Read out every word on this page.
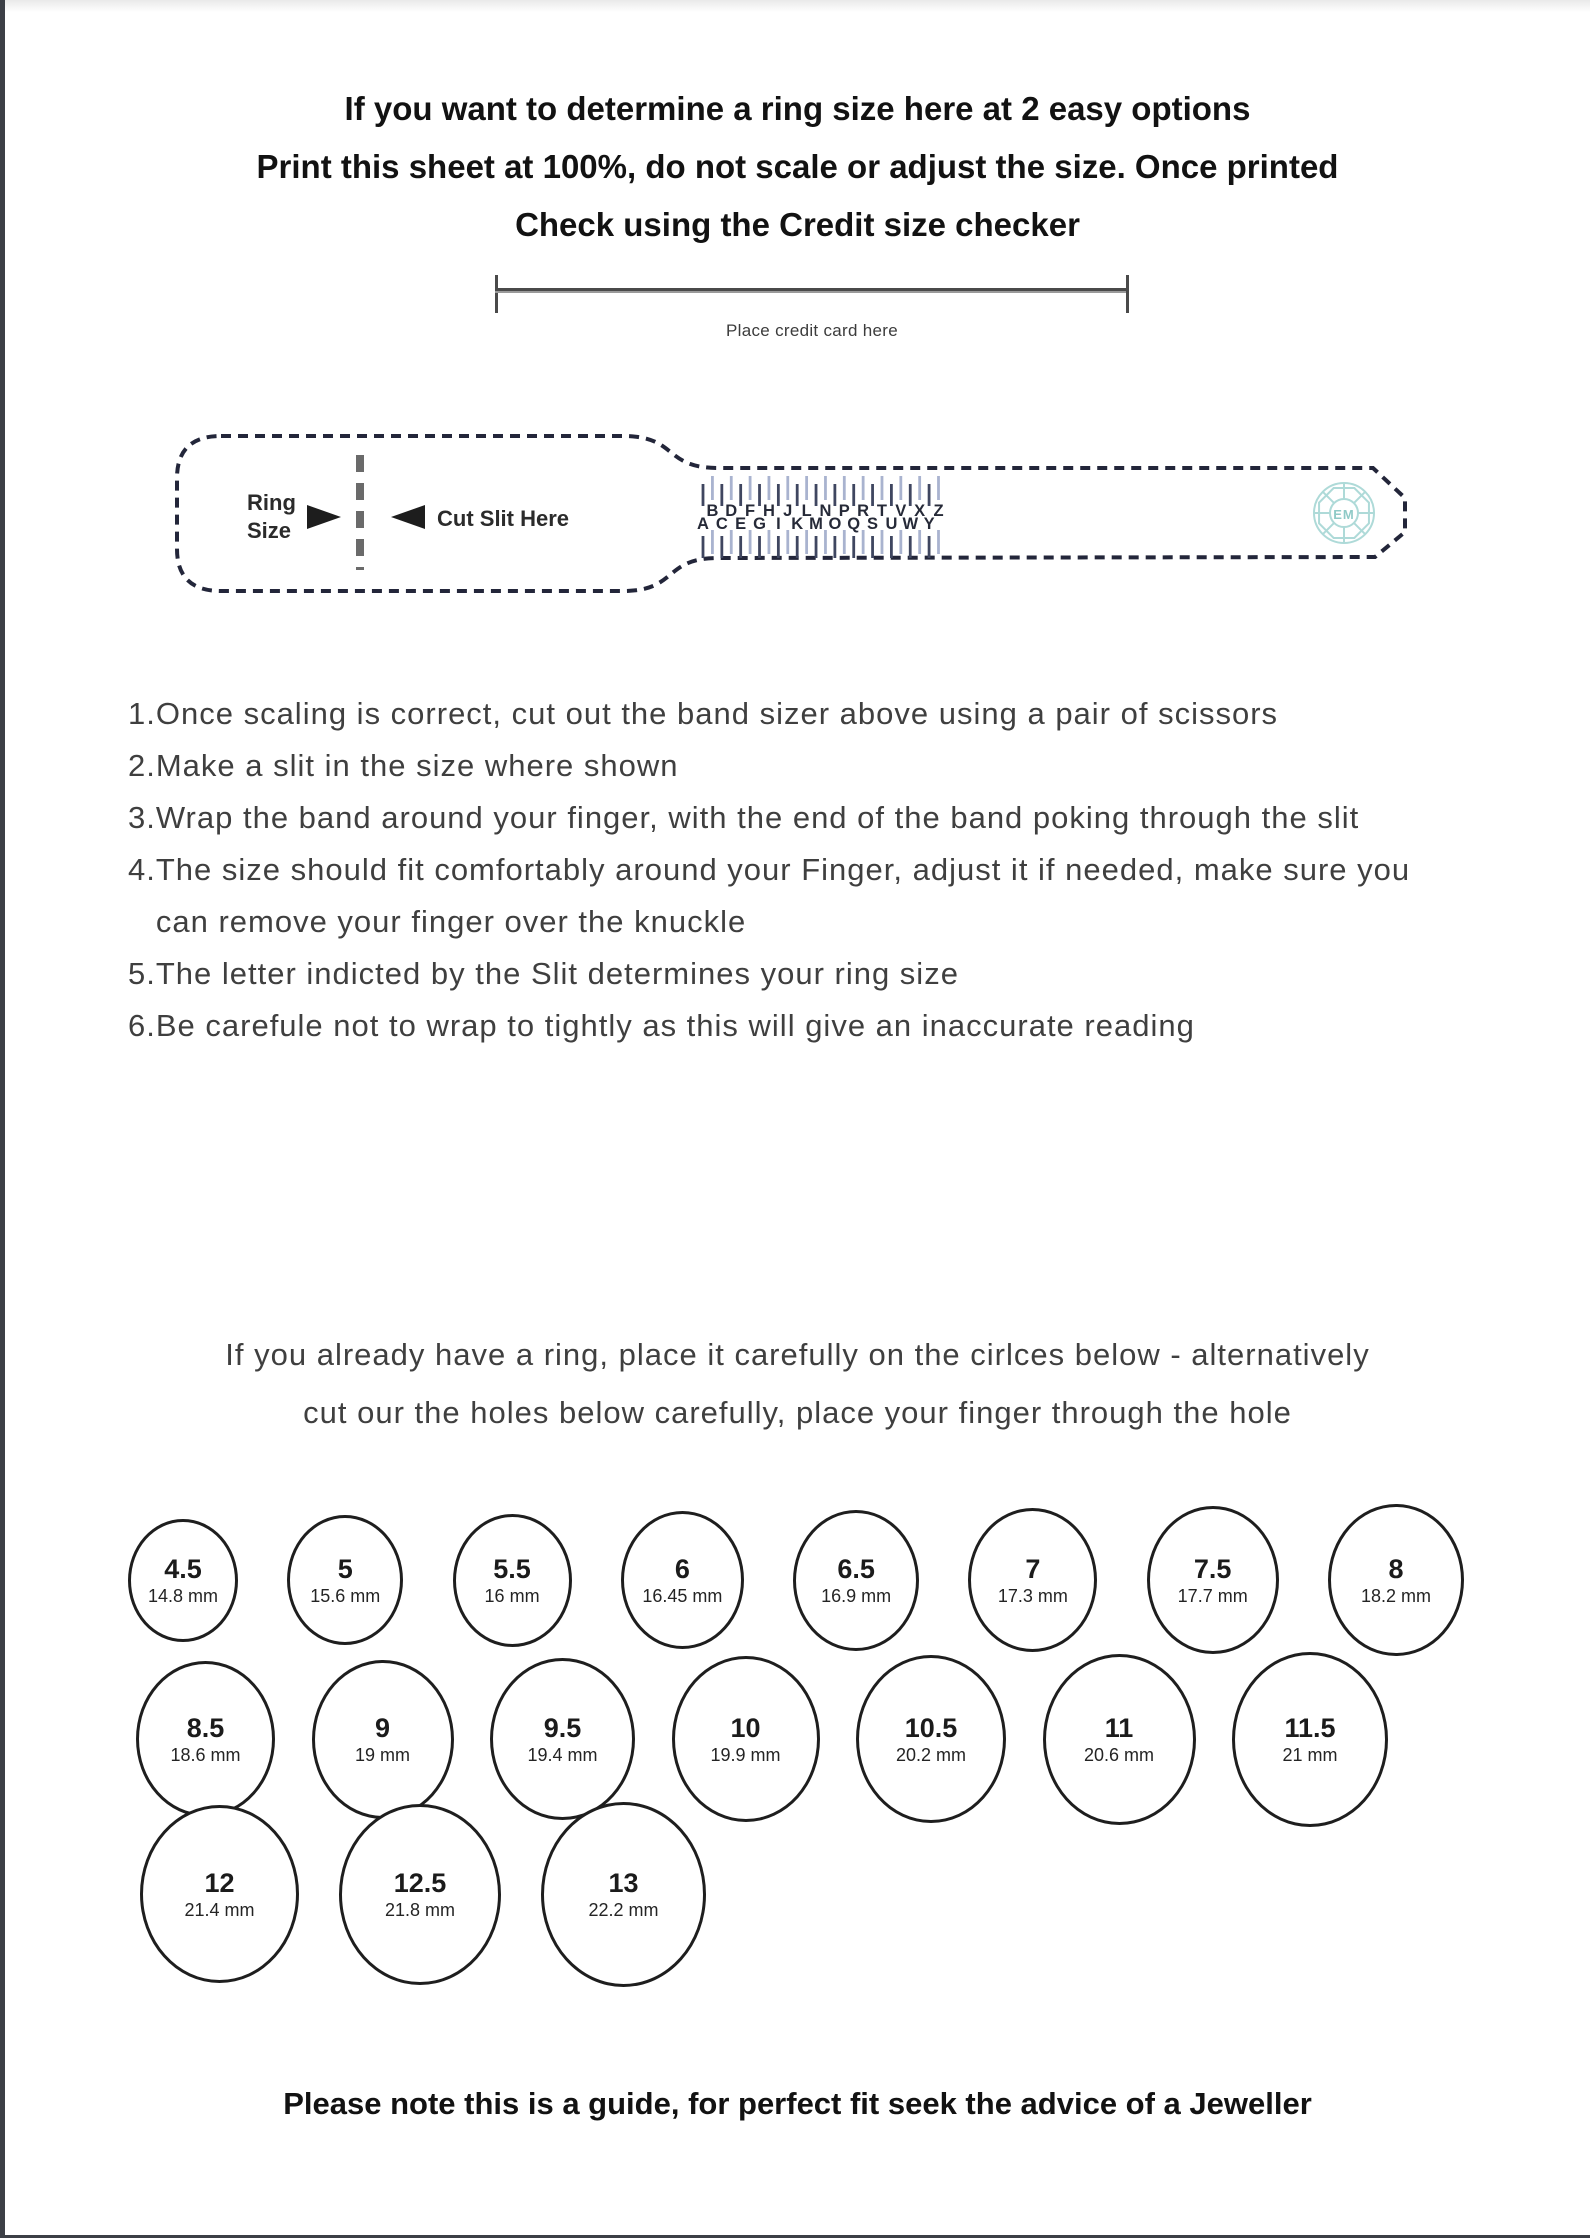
If you want to determine a ring size here at 2 easy options
Print this sheet at 100%, do not scale or adjust the size. Once printed
Check using the Credit size checker
Place credit card here
Ring
Size	Cut Slit Here	A
B
C
D
E
F
G
H
I
J
K
L
M
N
O
P
Q
R
S
T
U
V
W
X
Y
Z	EM
1. Once scaling is correct, cut out the band sizer above using a pair of scissors
2. Make a slit in the size where shown
3. Wrap the band around your finger, with the end of the band poking through the slit
4. The size should fit comfortably around your Finger, adjust it if needed, make sure you can remove your finger over the knuckle
5. The letter indicted by the Slit determines your ring size
6. Be carefule not to wrap to tightly as this will give an inaccurate reading
If you already have a ring, place it carefully on the cirlces below - alternatively
cut our the holes below carefully, place your finger through the hole
4.5
14.8 mm
5
15.6 mm
5.5
16 mm
6
16.45 mm
6.5
16.9 mm
7
17.3 mm
7.5
17.7 mm
8
18.2 mm
8.5
18.6 mm
9
19 mm
9.5
19.4 mm
10
19.9 mm
10.5
20.2 mm
11
20.6 mm
11.5
21 mm
12
21.4 mm
12.5
21.8 mm
13
22.2 mm
Please note this is a guide, for perfect fit seek the advice of a Jeweller
